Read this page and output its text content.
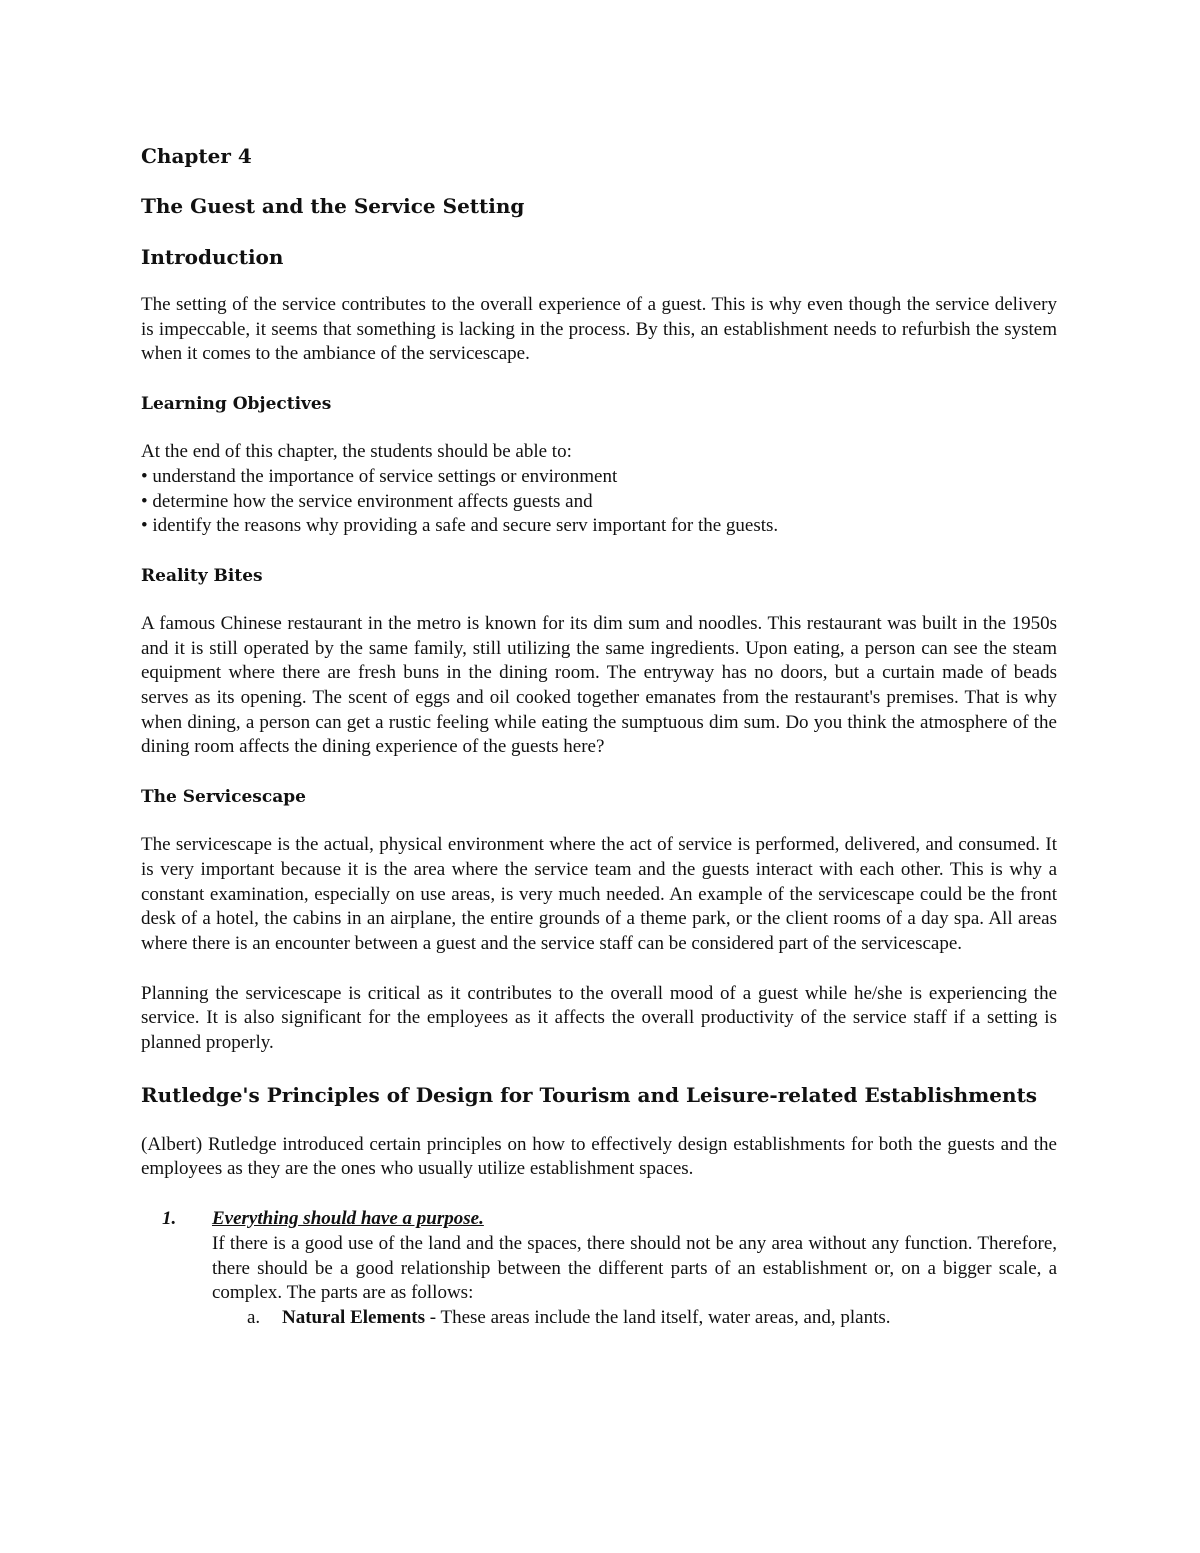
Chapter 4
The Guest and the Service Setting
Introduction

The setting of the service contributes to the overall experience of a guest. This is why even though the service delivery is impeccable, it seems that something is lacking in the process. By this, an establishment needs to refurbish the system when it comes to the ambiance of the servicescape.

Learning Objectives

At the end of this chapter, the students should be able to:

• understand the importance of service settings or environment
• determine how the service environment affects guests and
• identify the reasons why providing a safe and secure serv important for the guests.
Reality Bites

A famous Chinese restaurant in the metro is known for its dim sum and noodles. This restaurant was built in the 1950s and it is still operated by the same family, still utilizing the same ingredients. Upon eating, a person can see the steam equipment where there are fresh buns in the dining room. The entryway has no doors, but a curtain made of beads serves as its opening. The scent of eggs and oil cooked together emanates from the restaurant's premises. That is why when dining, a person can get a rustic feeling while eating the sumptuous dim sum. Do you think the atmosphere of the dining room affects the dining experience of the guests here?

The Servicescape

The servicescape is the actual, physical environment where the act of service is performed, delivered, and consumed. It is very important because it is the area where the service team and the guests interact with each other. This is why a constant examination, especially on use areas, is very much needed. An example of the servicescape could be the front desk of a hotel, the cabins in an airplane, the entire grounds of a theme park, or the client rooms of a day spa. All areas where there is an encounter between a guest and the service staff can be considered part of the servicescape.

Planning the servicescape is critical as it contributes to the overall mood of a guest while he/she is experiencing the service. It is also significant for the employees as it affects the overall productivity of the service staff if a setting is planned properly.

Rutledge's Principles of Design for Tourism and Leisure-related Establishments

(Albert) Rutledge introduced certain principles on how to effectively design establishments for both the guests and the employees as they are the ones who usually utilize establishment spaces.

1. Everything should have a purpose.
If there is a good use of the land and the spaces, there should not be any area without any function. Therefore, there should be a good relationship between the different parts of an establishment or, on a bigger scale, a complex. The parts are as follows:
a. Natural Elements - These areas include the land itself, water areas, and, plants.
